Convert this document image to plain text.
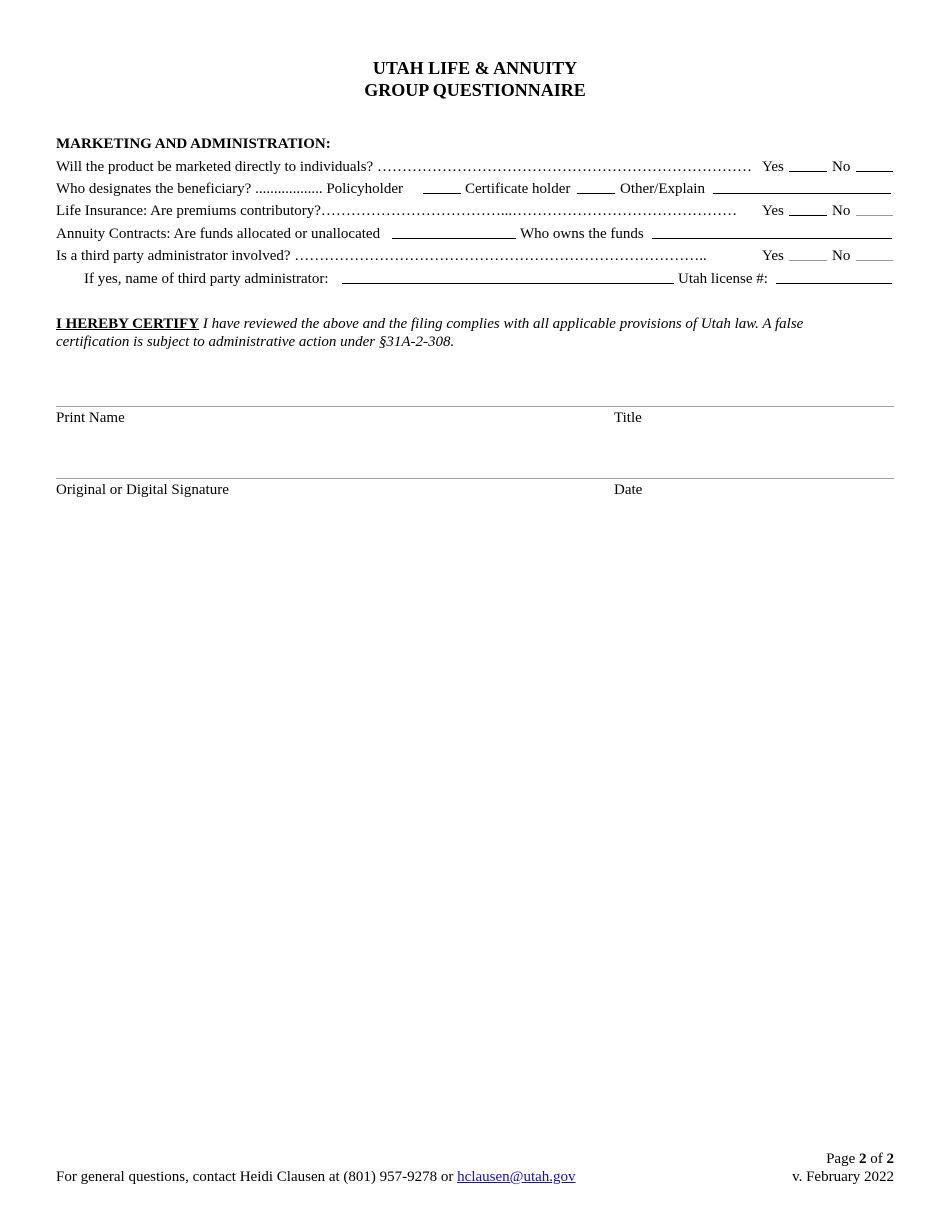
UTAH LIFE & ANNUITY
GROUP QUESTIONNAIRE
MARKETING AND ADMINISTRATION:
Will the product be marketed directly to individuals? ………………………………………………………………… Yes	No
Who designates the beneficiary? .................. Policyholder	Certificate holder	Other/Explain
Life Insurance: Are premiums contributory?………………………………...……………………………………… Yes	No
Annuity Contracts: Are funds allocated or unallocated	Who owns the funds
Is a third party administrator involved? ………………………………………………………………………..	Yes	No
If yes, name of third party administrator:	Utah license #:
I HEREBY CERTIFY I have reviewed the above and the filing complies with all applicable provisions of Utah law. A false certification is subject to administrative action under §31A-2-308.
Print Name	Title
Original or Digital Signature	Date
For general questions, contact Heidi Clausen at (801) 957-9278 or hclausen@utah.gov
Page 2 of 2
v. February 2022
